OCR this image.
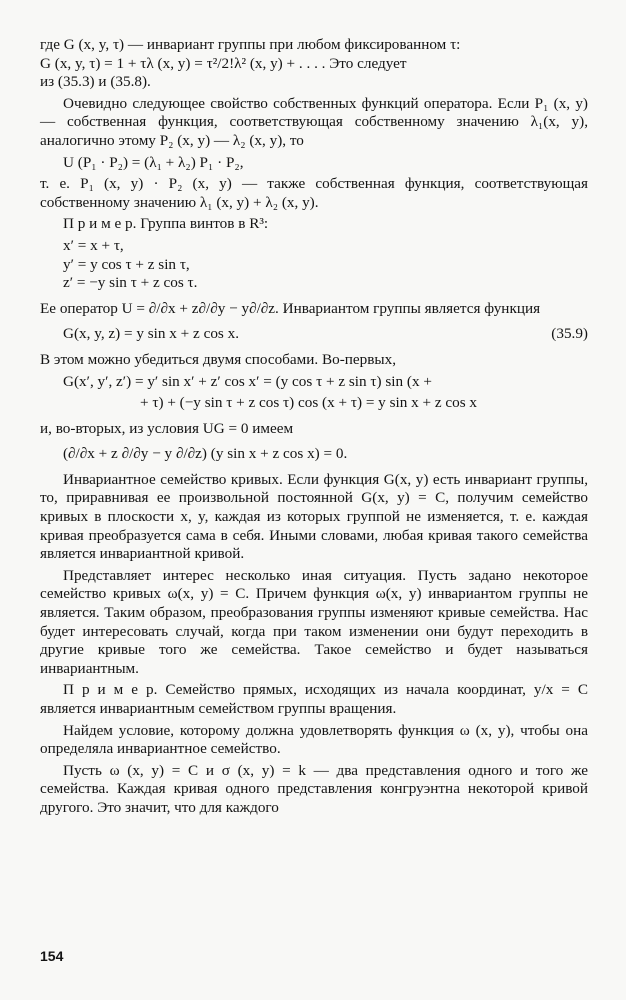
где G (x, y, τ) — инвариант группы при любом фиксированном τ:
G (x, y, τ) = 1 + τλ (x, y) = τ²/2!λ² (x, y) + . . . . Это следует
из (35.3) и (35.8).
Очевидно следующее свойство собственных функций оператора. Если P₁ (x, y) — собственная функция, соответствующая собственному значению λ₁(x, y), аналогично этому P₂ (x, y) — λ₂ (x, y), то
U (P₁ · P₂) = (λ₁ + λ₂) P₁ · P₂,
т. е. P₁ (x, y) · P₂ (x, y) — также собственная функция, соответствующая собственному значению λ₁ (x, y) + λ₂ (x, y).
П р и м е р. Группа винтов в R³:
x′ = x + τ,
y′ = y cos τ + z sin τ,
z′ = −y sin τ + z cos τ.
Ее оператор U = ∂/∂x + z∂/∂y − y∂/∂z. Инвариантом группы является функция
G(x, y, z) = y sin x + z cos x.	(35.9)
В этом можно убедиться двумя способами. Во-первых,
G(x′, y′, z′) = y′ sin x′ + z′ cos x′ = (y cos τ + z sin τ) sin (x +
+ τ) + (−y sin τ + z cos τ) cos (x + τ) = y sin x + z cos x
и, во-вторых, из условия UG = 0 имеем
(∂/∂x + z ∂/∂y − y ∂/∂z) (y sin x + z cos x) = 0.
Инвариантное семейство кривых. Если функция G(x, y) есть инвариант группы, то, приравнивая ее произвольной постоянной G(x, y) = C, получим семейство кривых в плоскости x, y, каждая из которых группой не изменяется, т. е. каждая кривая преобразуется сама в себя. Иными словами, любая кривая такого семейства является инвариантной кривой.
Представляет интерес несколько иная ситуация. Пусть задано некоторое семейство кривых ω(x, y) = C. Причем функция ω(x, y) инвариантом группы не является. Таким образом, преобразования группы изменяют кривые семейства. Нас будет интересовать случай, когда при таком изменении они будут переходить в другие кривые того же семейства. Такое семейство и будет называться инвариантным.
П р и м е р. Семейство прямых, исходящих из начала координат, y/x = C является инвариантным семейством группы вращения.
Найдем условие, которому должна удовлетворять функция ω (x, y), чтобы она определяла инвариантное семейство.
Пусть ω (x, y) = C и σ (x, y) = k — два представления одного и того же семейства. Каждая кривая одного представления конгруэнтна некоторой кривой другого. Это значит, что для каждого
154
